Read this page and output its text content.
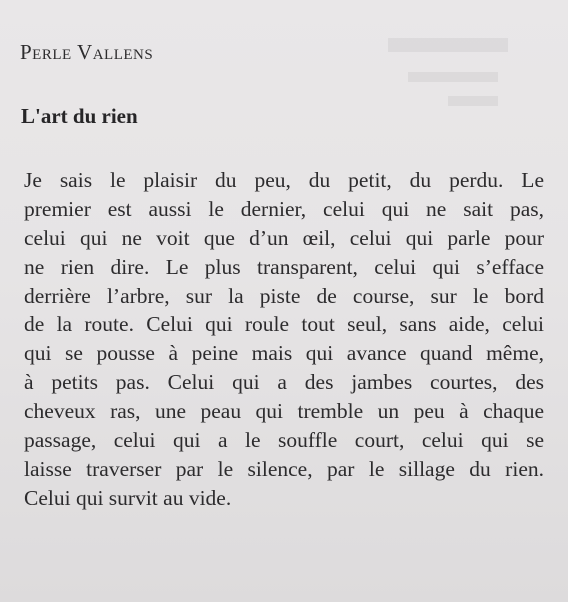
Perle Vallens
L'art du rien
Je sais le plaisir du peu, du petit, du perdu. Le
premier est aussi le dernier, celui qui ne sait pas,
celui qui ne voit que d’un œil, celui qui parle pour
ne rien dire. Le plus transparent, celui qui s’efface
derrière l’arbre, sur la piste de course, sur le bord
de la route. Celui qui roule tout seul, sans aide, celui
qui se pousse à peine mais qui avance quand même,
à petits pas. Celui qui a des jambes courtes, des
cheveux ras, une peau qui tremble un peu à chaque
passage, celui qui a le souffle court, celui qui se
laisse traverser par le silence, par le sillage du rien.
Celui qui survit au vide.
